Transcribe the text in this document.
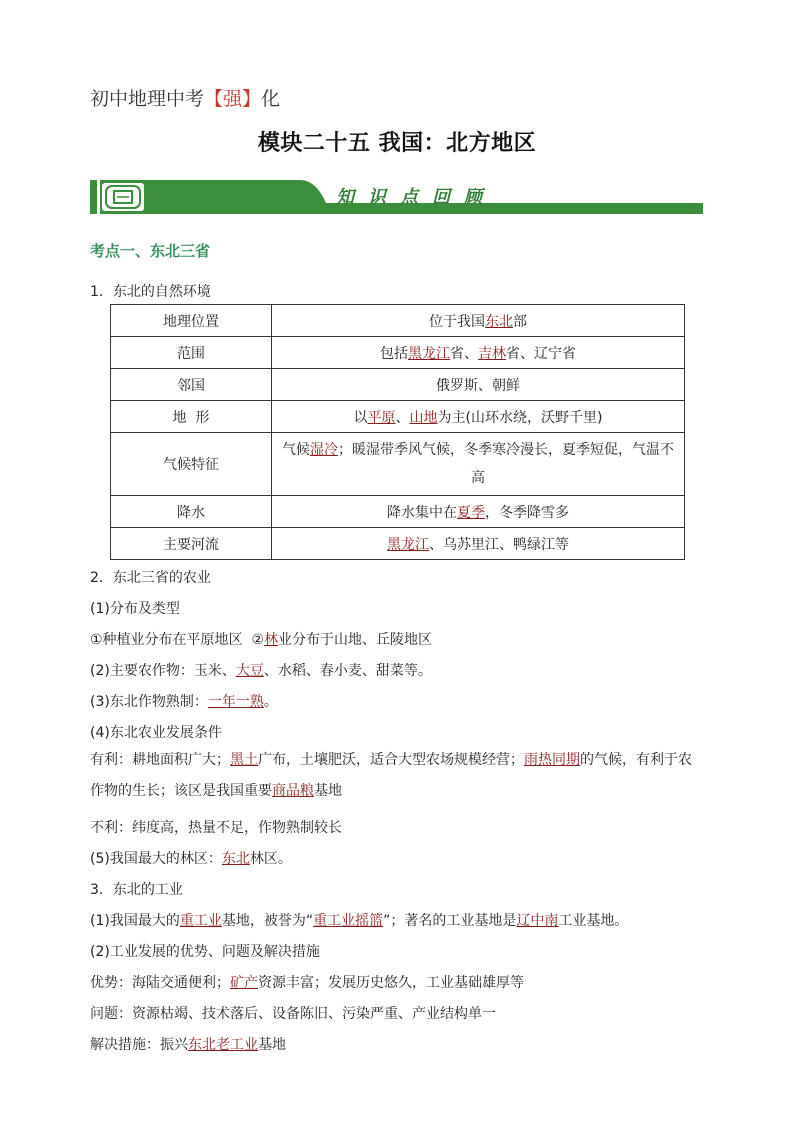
初中地理中考【强】化
模块二十五 我国：北方地区
知识点回顾
考点一、东北三省
1．东北的自然环境
地理位置	位于我国东北部
范围	包括黑龙江省、吉林省、辽宁省
邻国	俄罗斯、朝鲜
地  形	以平原、山地为主(山环水绕，沃野千里)
气候特征	气候湿冷；暖湿带季风气候，冬季寒冷漫长，夏季短促，气温不高
降水	降水集中在夏季，冬季降雪多
主要河流	黑龙江、乌苏里江、鸭绿江等
2．东北三省的农业
(1)分布及类型
①种植业分布在平原地区  ②林业分布于山地、丘陵地区
(2)主要农作物：玉米、大豆、水稻、春小麦、甜菜等。
(3)东北作物熟制：一年一熟。
(4)东北农业发展条件
有利：耕地面积广大；黑土广布，土壤肥沃，适合大型农场规模经营；雨热同期的气候，有利于农作物的生长；该区是我国重要商品粮基地
不利：纬度高，热量不足，作物熟制较长
(5)我国最大的林区：东北林区。
3．东北的工业
(1)我国最大的重工业基地，被誉为“重工业摇篮”；著名的工业基地是辽中南工业基地。
(2)工业发展的优势、问题及解决措施
优势：海陆交通便利；矿产资源丰富；发展历史悠久，工业基础雄厚等
问题：资源枯竭、技术落后、设备陈旧、污染严重、产业结构单一
解决措施：振兴东北老工业基地
